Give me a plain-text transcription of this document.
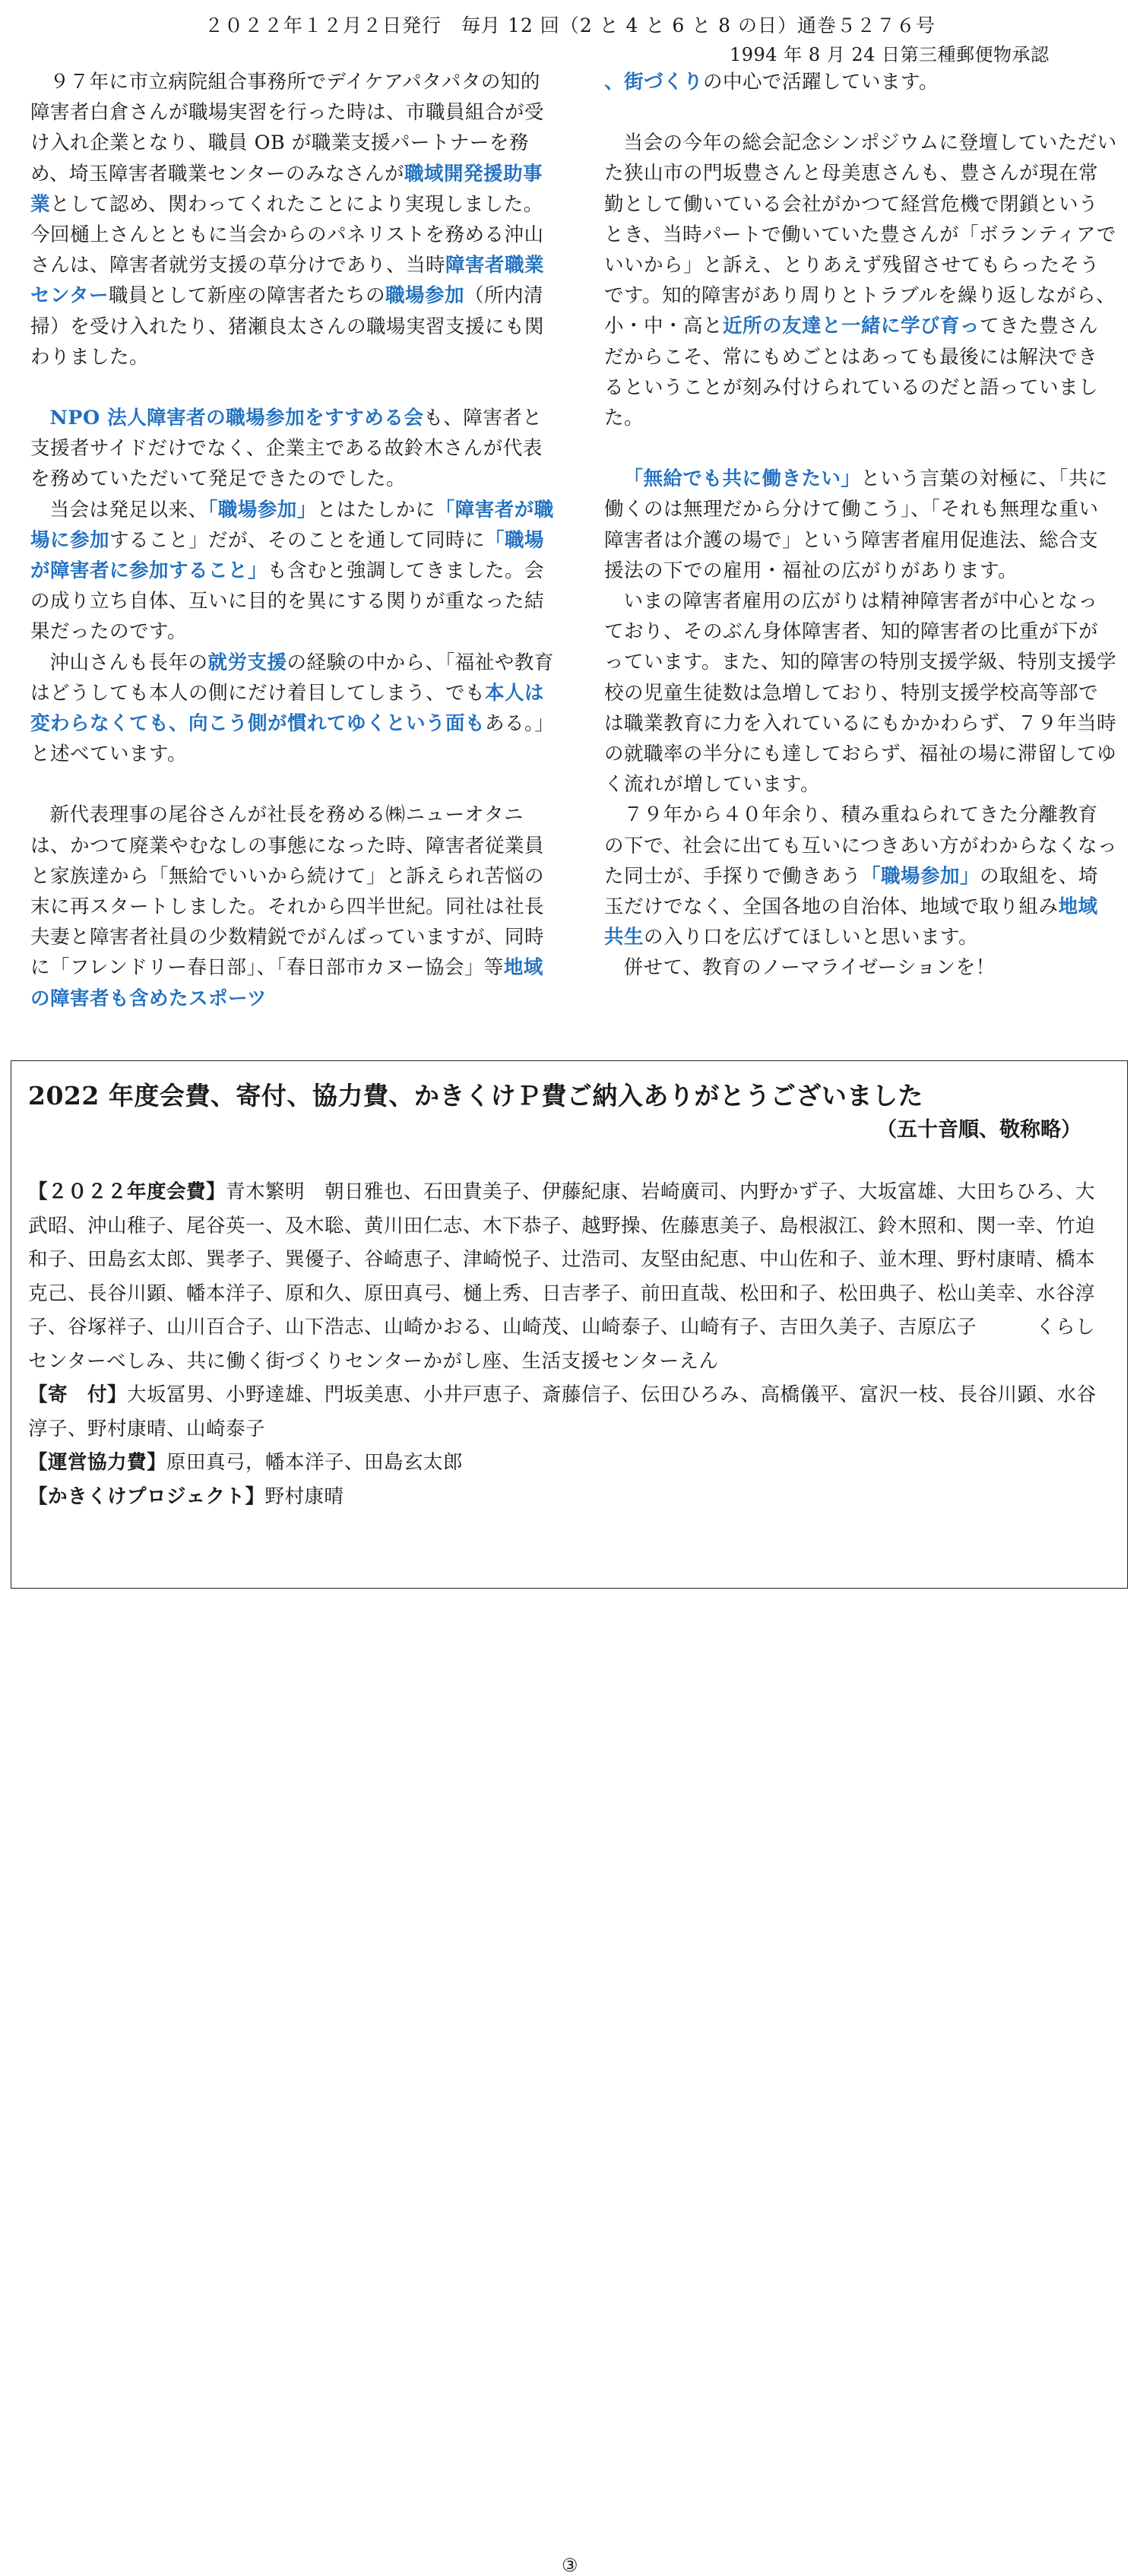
２０２２年１２月２日発行　毎月 12 回（2 と 4 と 6 と 8 の日）通巻５２７６号
1994 年 8 月 24 日第三種郵便物承認

９７年に市立病院組合事務所でデイケアパタパタの知的障害者白倉さんが職場実習を行った時は、市職員組合が受け入れ企業となり、職員 OB が職業支援パートナーを務め、埼玉障害者職業センターのみなさんが職域開発援助事業として認め、関わってくれたことにより実現しました。今回樋上さんとともに当会からのパネリストを務める沖山さんは、障害者就労支援の草分けであり、当時障害者職業センター職員として新座の障害者たちの職場参加（所内清掃）を受け入れたり、猪瀬良太さんの職場実習支援にも関わりました。

NPO 法人障害者の職場参加をすすめる会も、障害者と支援者サイドだけでなく、企業主である故鈴木さんが代表を務めていただいて発足できたのでした。

当会は発足以来、「職場参加」とはたしかに「障害者が職場に参加すること」だが、そのことを通して同時に「職場が障害者に参加すること」も含むと強調してきました。会の成り立ち自体、互いに目的を異にする関りが重なった結果だったのです。

沖山さんも長年の就労支援の経験の中から、「福祉や教育はどうしても本人の側にだけ着目してしまう、でも本人は変わらなくても、向こう側が慣れてゆくという面もある。」と述べています。

新代表理事の尾谷さんが社長を務める㈱ニューオタニは、かつて廃業やむなしの事態になった時、障害者従業員と家族達から「無給でいいから続けて」と訴えられ苦悩の末に再スタートしました。それから四半世紀。同社は社長夫妻と障害者社員の少数精鋭でがんばっていますが、同時に「フレンドリー春日部」、「春日部市カヌー協会」等地域の障害者も含めたスポーツ

、街づくりの中心で活躍しています。

当会の今年の総会記念シンポジウムに登壇していただいた狭山市の門坂豊さんと母美恵さんも、豊さんが現在常勤として働いている会社がかつて経営危機で閉鎖というとき、当時パートで働いていた豊さんが「ボランティアでいいから」と訴え、とりあえず残留させてもらったそうです。知的障害があり周りとトラブルを繰り返しながら、小・中・高と近所の友達と一緒に学び育ってきた豊さんだからこそ、常にもめごとはあっても最後には解決できるということが刻み付けられているのだと語っていました。

「無給でも共に働きたい」という言葉の対極に、「共に働くのは無理だから分けて働こう」、「それも無理な重い障害者は介護の場で」という障害者雇用促進法、総合支援法の下での雇用・福祉の広がりがあります。

いまの障害者雇用の広がりは精神障害者が中心となっており、そのぶん身体障害者、知的障害者の比重が下がっています。また、知的障害の特別支援学級、特別支援学校の児童生徒数は急増しており、特別支援学校高等部では職業教育に力を入れているにもかかわらず、７９年当時の就職率の半分にも達しておらず、福祉の場に滞留してゆく流れが増しています。

７９年から４０年余り、積み重ねられてきた分離教育の下で、社会に出ても互いにつきあい方がわからなくなった同士が、手探りで働きあう「職場参加」の取組を、埼玉だけでなく、全国各地の自治体、地域で取り組み地域共生の入り口を広げてほしいと思います。

併せて、教育のノーマライゼーションを！

2022 年度会費、寄付、協力費、かきくけＰ費ご納入ありがとうございました
（五十音順、敬称略）
【２０２２年度会費】青木繁明　朝日雅也、石田貴美子、伊藤紀康、岩崎廣司、内野かず子、大坂富雄、大田ちひろ、大武昭、沖山稚子、尾谷英一、及木聡、黄川田仁志、木下恭子、越野操、佐藤恵美子、島根淑江、鈴木照和、関一幸、竹迫和子、田島玄太郎、巽孝子、巽優子、谷崎恵子、津崎悦子、辻浩司、友堅由紀恵、中山佐和子、並木理、野村康晴、橋本克己、長谷川顕、幡本洋子、原和久、原田真弓、樋上秀、日吉孝子、前田直哉、松田和子、松田典子、松山美幸、水谷淳子、谷塚祥子、山川百合子、山下浩志、山崎かおる、山崎茂、山崎泰子、山崎有子、吉田久美子、吉原広子　　　くらしセンターべしみ、共に働く街づくりセンターかがし座、生活支援センターえん
【寄　付】大坂冨男、小野達雄、門坂美恵、小井戸恵子、斎藤信子、伝田ひろみ、高橋儀平、富沢一枝、長谷川顕、水谷淳子、野村康晴、山崎泰子
【運営協力費】原田真弓，幡本洋子、田島玄太郎
【かきくけプロジェクト】野村康晴
③
